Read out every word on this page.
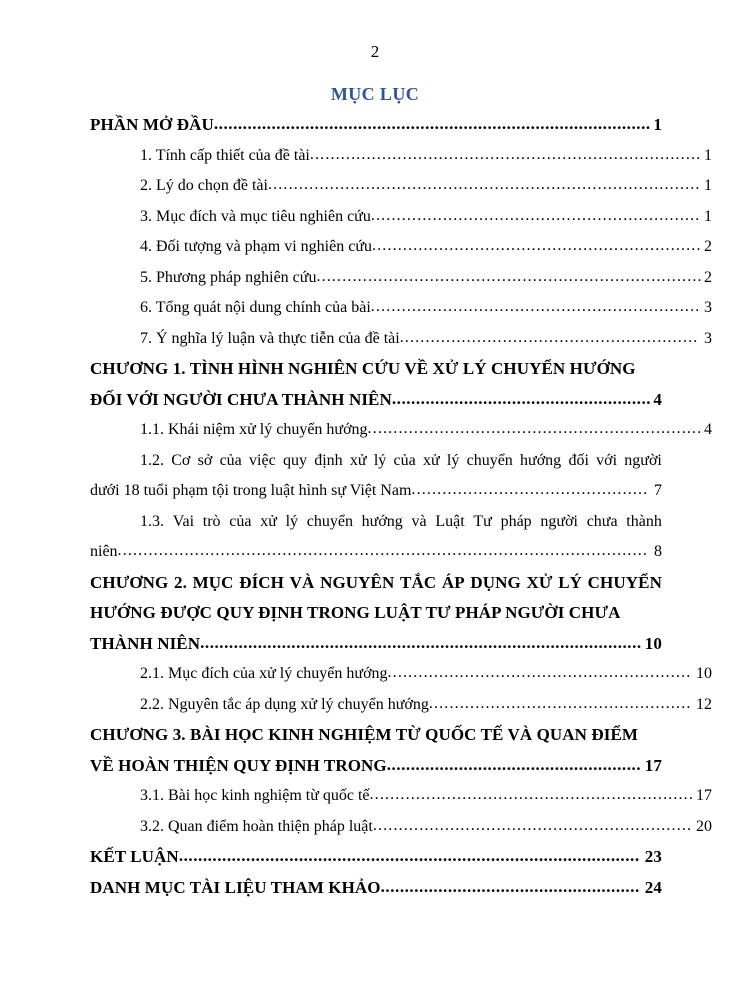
2
MỤC LỤC
PHẦN MỞ ĐẦU ........................................................................................... 1
1. Tính cấp thiết của đề tài ............................................................................ 1
2. Lý do chọn đề tài .................................................................................... 1
3. Mục đích và mục tiêu nghiên cứu ................................................................ 1
4. Đối tượng và phạm vi nghiên cứu ................................................................ 2
5. Phương pháp nghiên cứu ........................................................................... 2
6. Tổng quát nội dung chính của bài ................................................................ 3
7. Ý nghĩa lý luận và thực tiễn của đề tài .......................................................... 3
CHƯƠNG 1. TÌNH HÌNH NGHIÊN CỨU VỀ XỬ LÝ CHUYỂN HƯỚNG
ĐỐI VỚI NGƯỜI CHƯA THÀNH NIÊN ...................................................... 4
1.1. Khái niệm xử lý chuyển hướng ................................................................. 4
1.2. Cơ sở của việc quy định xử lý của xử lý chuyển hướng đối với người
dưới 18 tuổi phạm tội trong luật hình sự Việt Nam .............................................. 7
1.3. Vai trò của xử lý chuyển hướng và Luật Tư pháp người chưa thành
niên ....................................................................................................... 8
CHƯƠNG 2. MỤC ĐÍCH VÀ NGUYÊN TẮC ÁP DỤNG XỬ LÝ CHUYỂN
HƯỚNG ĐƯỢC QUY ĐỊNH TRONG LUẬT TƯ PHÁP NGƯỜI CHƯA
THÀNH NIÊN ............................................................................................ 10
2.1. Mục đích của xử lý chuyển hướng ........................................................... 10
2.2. Nguyên tắc áp dụng xử lý chuyển hướng ................................................... 12
CHƯƠNG 3. BÀI HỌC KINH NGHIỆM TỪ QUỐC TẾ VÀ QUAN ĐIỂM
VỀ HOÀN THIỆN QUY ĐỊNH TRONG ..................................................... 17
3.1. Bài học kinh nghiệm từ quốc tế ............................................................... 17
3.2. Quan điểm hoàn thiện pháp luật .............................................................. 20
KẾT LUẬN ................................................................................................ 23
DANH MỤC TÀI LIỆU THAM KHẢO ...................................................... 24
